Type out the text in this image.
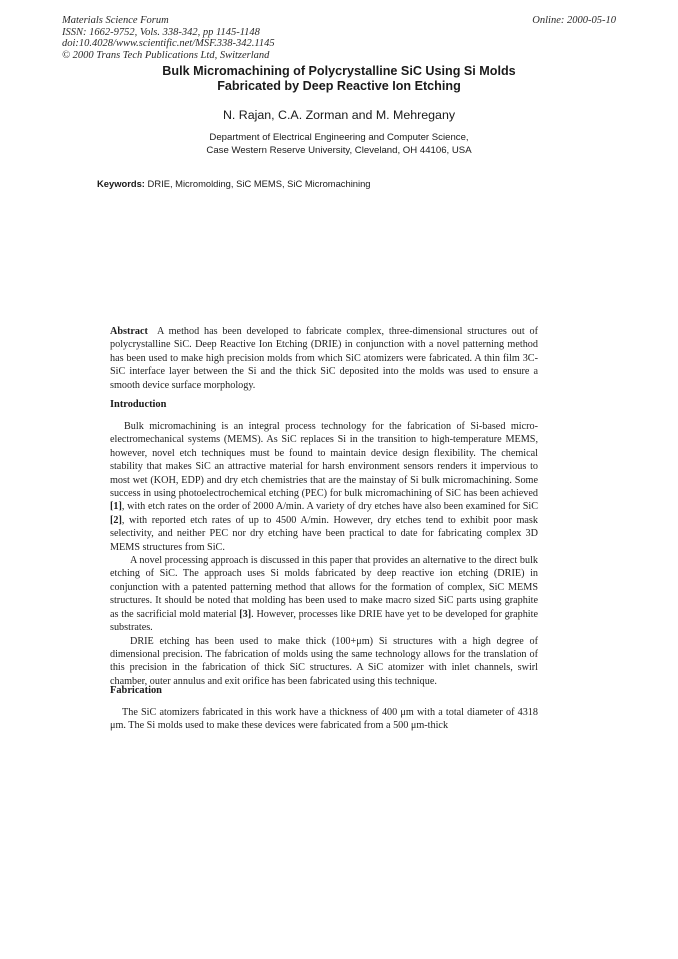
Materials Science Forum
ISSN: 1662-9752, Vols. 338-342, pp 1145-1148
doi:10.4028/www.scientific.net/MSF.338-342.1145
© 2000 Trans Tech Publications Ltd, Switzerland
Online: 2000-05-10
Bulk Micromachining of Polycrystalline SiC Using Si Molds
Fabricated by Deep Reactive Ion Etching
N. Rajan, C.A. Zorman and M. Mehregany
Department of Electrical Engineering and Computer Science,
Case Western Reserve University, Cleveland, OH 44106, USA
Keywords: DRIE, Micromolding, SiC MEMS, SiC Micromachining
Abstract A method has been developed to fabricate complex, three-dimensional structures out of polycrystalline SiC. Deep Reactive Ion Etching (DRIE) in conjunction with a novel patterning method has been used to make high precision molds from which SiC atomizers were fabricated. A thin film 3C-SiC interface layer between the Si and the thick SiC deposited into the molds was used to ensure a smooth device surface morphology.
Introduction

Bulk micromachining is an integral process technology for the fabrication of Si-based micro-electromechanical systems (MEMS). As SiC replaces Si in the transition to high-temperature MEMS, however, novel etch techniques must be found to maintain device design flexibility. The chemical stability that makes SiC an attractive material for harsh environment sensors renders it impervious to most wet (KOH, EDP) and dry etch chemistries that are the mainstay of Si bulk micromachining. Some success in using photoelectrochemical etching (PEC) for bulk micromachining of SiC has been achieved [1], with etch rates on the order of 2000 A/min. A variety of dry etches have also been examined for SiC [2], with reported etch rates of up to 4500 A/min. However, dry etches tend to exhibit poor mask selectivity, and neither PEC nor dry etching have been practical to date for fabricating complex 3D MEMS structures from SiC.

A novel processing approach is discussed in this paper that provides an alternative to the direct bulk etching of SiC. The approach uses Si molds fabricated by deep reactive ion etching (DRIE) in conjunction with a patented patterning method that allows for the formation of complex, SiC MEMS structures. It should be noted that molding has been used to make macro sized SiC parts using graphite as the sacrificial mold material [3]. However, processes like DRIE have yet to be developed for graphite substrates.

DRIE etching has been used to make thick (100+μm) Si structures with a high degree of dimensional precision. The fabrication of molds using the same technology allows for the translation of this precision in the fabrication of thick SiC structures. A SiC atomizer with inlet channels, swirl chamber, outer annulus and exit orifice has been fabricated using this technique.

Fabrication

The SiC atomizers fabricated in this work have a thickness of 400 μm with a total diameter of 4318 μm. The Si molds used to make these devices were fabricated from a 500 μm-thick
